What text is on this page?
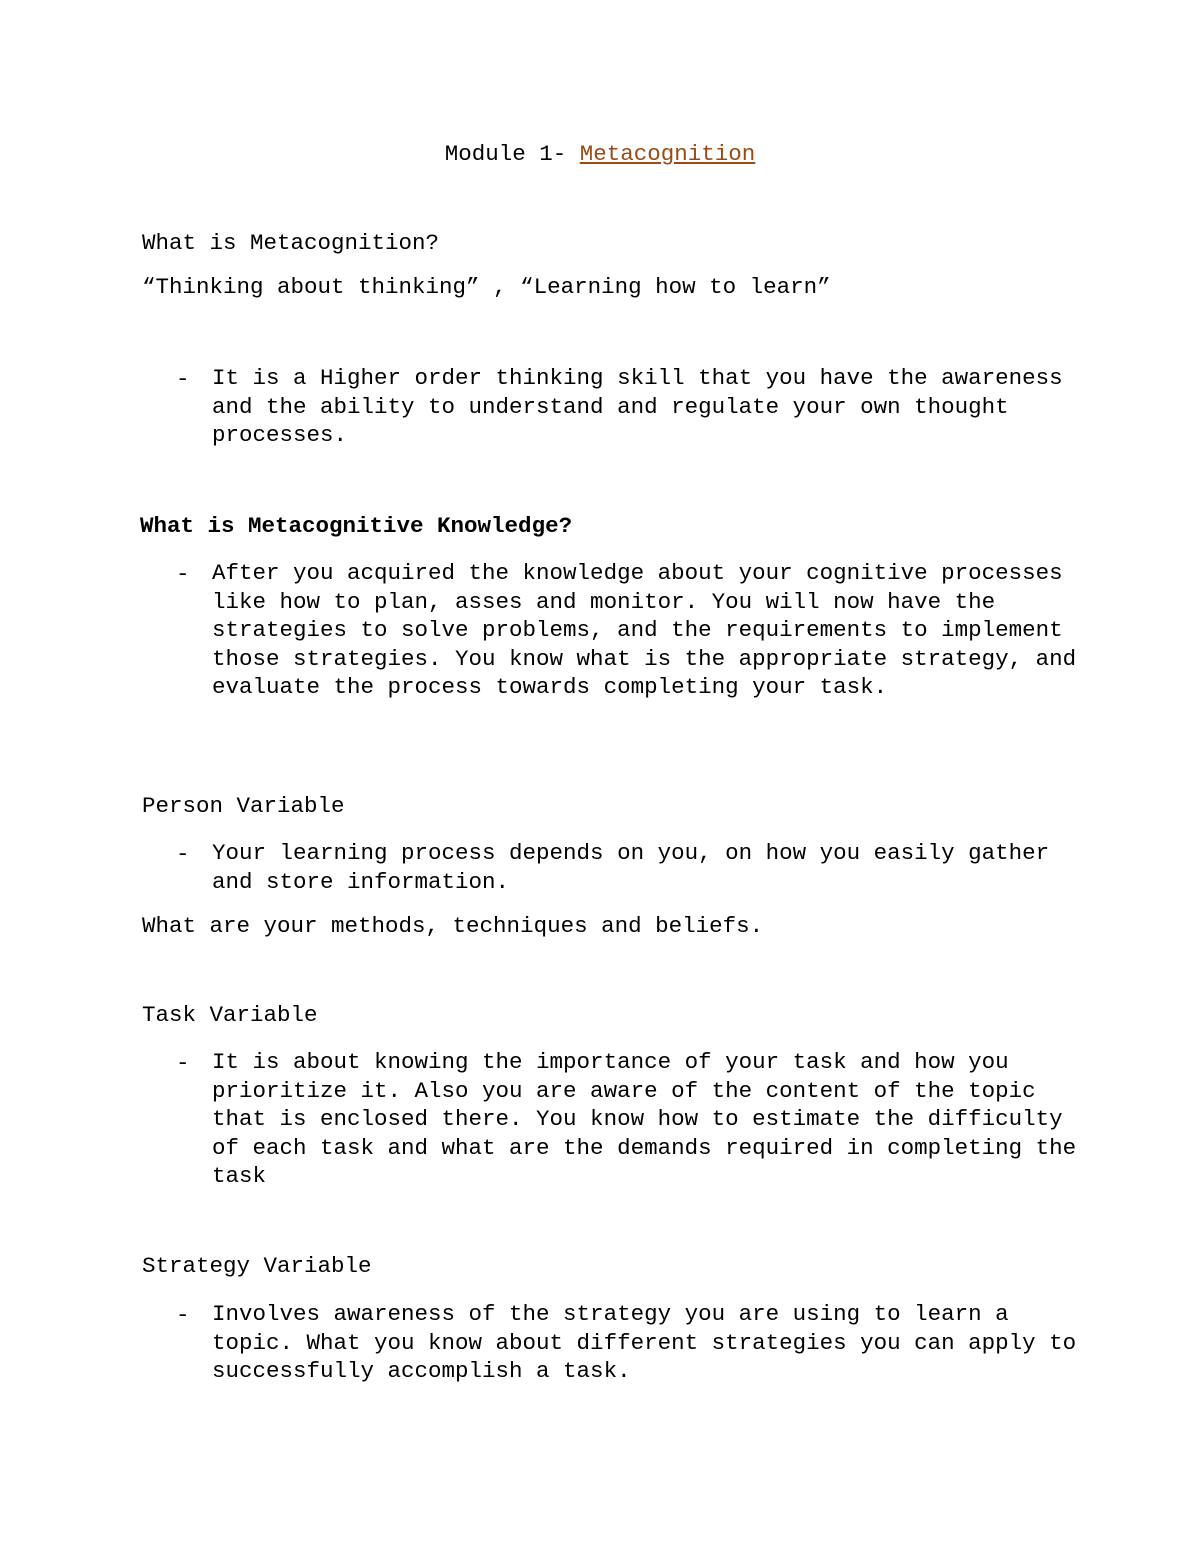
Module 1- Metacognition
What is Metacognition?
“Thinking about thinking” , “Learning how to learn”
- It is a Higher order thinking skill that you have the awareness and the ability to understand and regulate your own thought processes.
What is Metacognitive Knowledge?
- After you acquired the knowledge about your cognitive processes like how to plan, asses and monitor. You will now have the strategies to solve problems, and the requirements to implement those strategies. You know what is the appropriate strategy, and evaluate the process towards completing your task.
Person Variable
- Your learning process depends on you, on how you easily gather and store information.
What are your methods, techniques and beliefs.
Task Variable
- It is about knowing the importance of your task and how you prioritize it. Also you are aware of the content of the topic that is enclosed there. You know how to estimate the difficulty of each task and what are the demands required in completing the task
Strategy Variable
- Involves awareness of the strategy you are using to learn a topic. What you know about different strategies you can apply to successfully accomplish a task.
